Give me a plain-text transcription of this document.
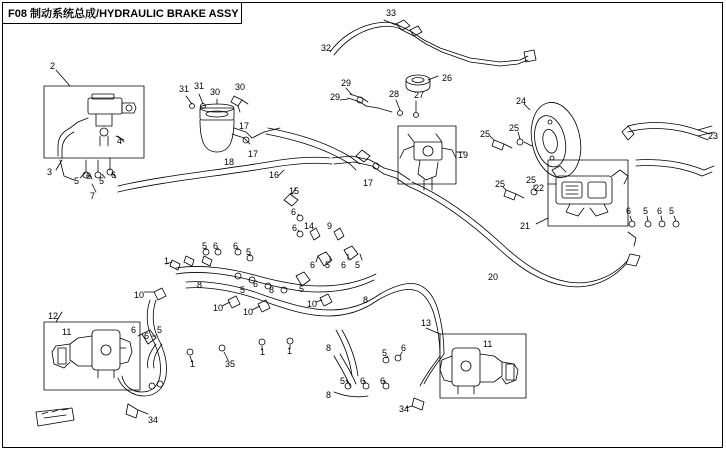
F08 制动系统总成/HYDRAULIC BRAKE ASSY
2
33
32
26
29
29	28 27
24
31 31
30 30
25
25
23
19
17
18
17
4
3
5 6 5
6
7
16
15
17	25 25
22
21
6 5 6 5
6
6 14 9
20
1
5 6 6
5
6 5 6 5
8	5
6
8	5
10
10 10
10	8
12
11	6
6
5
13
11
1
1 1
35
8	5 6
5 6 6
8
34
34
